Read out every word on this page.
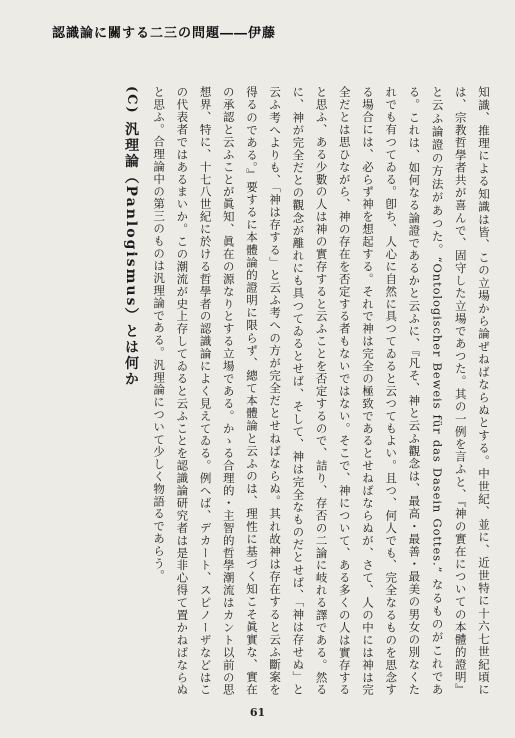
認識論に關する二三の問題――伊藤

知識、推理による知識は皆、この立場から論ぜねばならぬとする。中世紀、並に、近世特に十六七世紀頃には、宗教哲學者共が喜んで、固守した立場であつた。其の一例を言ふと、『神の實在についての本體的證明』と云ふ論證の方法があつた。“Ontologischer Beweis für das Dasein Gottes.” なるものがこれである。これは、如何なる論證であるかと云ふに、『凡そ、神と云ふ觀念は、最高・最善・最美の男女の別なくたれでも有つてゐる。卽ち、人心に自然に具つてゐると云つてもよい。且つ、何人でも、完全なるものを思念する場合には、必らず神を想起する。それで神は完全の極致であるとせねばならぬが、さて、人の中には神は完全だとは思ひながら、神の存在を否定する者もないではない。そこで、神について、ある多くの人は實存すると思ふ、ある少數の人は神の實存すると云ふことを否定するので、詰り、存否の二論に岐れる譯である。然るに、神が完全だとの觀念が離れにも具つてゐるとせば、そして、神は完全なものだとせば、「神は存せぬ」と云ふ考へよりも、「神は存する」と云ふ考への方が完全だとせねばならぬ。其れ故神は存在すると云ふ斷案を得るのである。』要するに本體論的證明に限らず、總て本體論と云ふのは、理性に基づく知こそ眞實な、實在の承認と云ふことが眞知、眞在の源なりとする立場である。かゝる合理的・主智的哲學潮流はカント以前の思想界、特に、十七八世紀に於ける哲學者の認識論によく見えてゐる。例へば、デカート、スピノーザなどはこの代表者ではあるまいか。この潮流が史上存してゐると云ふことを認識論研究者は是非心得て置かねばならぬと思ふ。合理論中の第三のものは汎理論である。汎理論について少しく物語るであらう。

(C) 汎理論（Panlogismus）とは何か

61
